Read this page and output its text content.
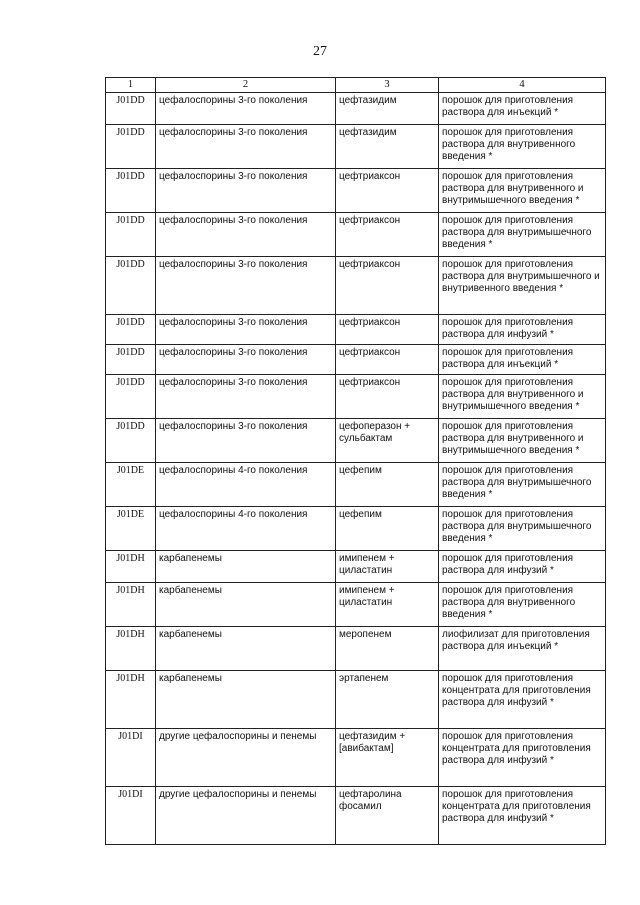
27
1	2	3	4
J01DD	цефалоспорины 3-го поколения	цефтазидим	порошок для приготовления раствора для инъекций *
J01DD	цефалоспорины 3-го поколения	цефтазидим	порошок для приготовления раствора для внутривенного введения *
J01DD	цефалоспорины 3-го поколения	цефтриаксон	порошок для приготовления раствора для внутривенного и внутримышечного введения *
J01DD	цефалоспорины 3-го поколения	цефтриаксон	порошок для приготовления раствора для внутримышечного введения *
J01DD	цефалоспорины 3-го поколения	цефтриаксон	порошок для приготовления раствора для внутримышечного и внутривенного введения *
J01DD	цефалоспорины 3-го поколения	цефтриаксон	порошок для приготовления раствора для инфузий *
J01DD	цефалоспорины 3-го поколения	цефтриаксон	порошок для приготовления раствора для инъекций *
J01DD	цефалоспорины 3-го поколения	цефтриаксон	порошок для приготовления раствора для внутривенного и внутримышечного введения *
J01DD	цефалоспорины 3-го поколения	цефоперазон + сульбактам	порошок для приготовления раствора для внутривенного и внутримышечного введения *
J01DE	цефалоспорины 4-го поколения	цефепим	порошок для приготовления раствора для внутримышечного введения *
J01DE	цефалоспорины 4-го поколения	цефепим	порошок для приготовления раствора для внутримышечного введения *
J01DH	карбапенемы	имипенем + циластатин	порошок для приготовления раствора для инфузий *
J01DH	карбапенемы	имипенем + циластатин	порошок для приготовления раствора для внутривенного введения *
J01DH	карбапенемы	меропенем	лиофилизат для приготовления раствора для инъекций *
J01DH	карбапенемы	эртапенем	порошок для приготовления концентрата для приготовления раствора для инфузий *
J01DI	другие цефалоспорины и пенемы	цефтазидим + [авибактам]	порошок для приготовления концентрата для приготовления раствора для инфузий *
J01DI	другие цефалоспорины и пенемы	цефтаролина фосамил	порошок для приготовления концентрата для приготовления раствора для инфузий *
